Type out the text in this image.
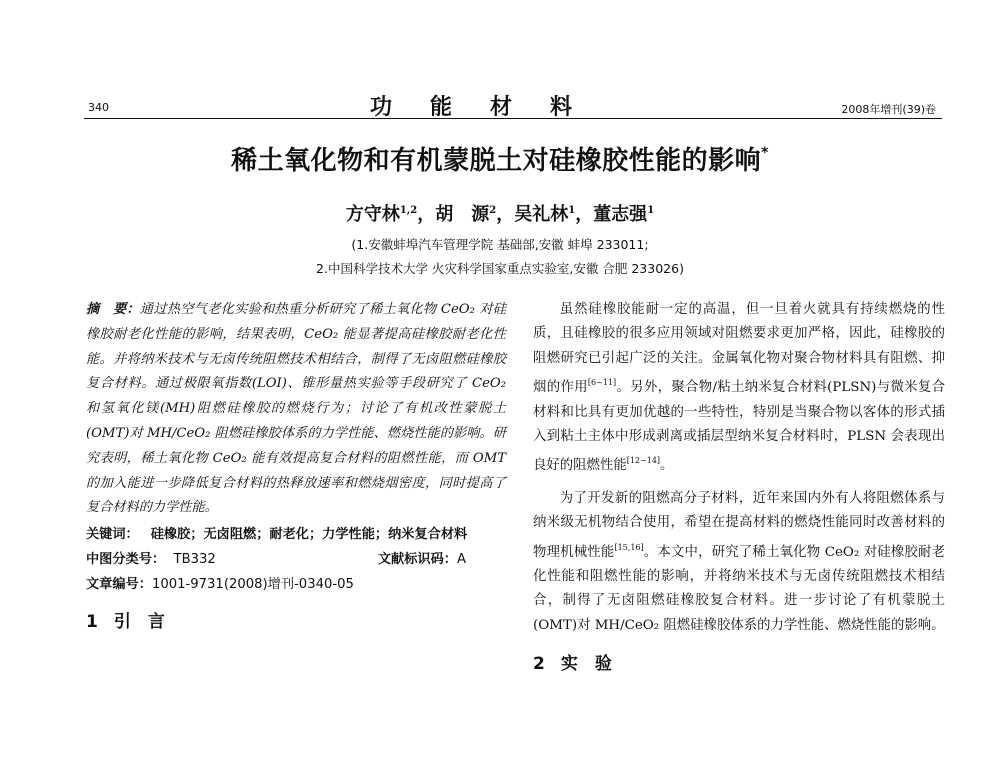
340	功能材料	2008年增刊(39)卷
稀土氧化物和有机蒙脱土对硅橡胶性能的影响*
方守林$^{1,2}$，胡　源$^2$，吴礼林$^1$，董志强$^1$
(1.安徽蚌埠汽车管理学院 基础部,安徽 蚌埠 233011;
2.中国科学技术大学 火灾科学国家重点实验室,安徽 合肥 233026)
摘　要：通过热空气老化实验和热重分析研究了稀土氧化物 CeO₂ 对硅橡胶耐老化性能的影响，结果表明，CeO₂ 能显著提高硅橡胶耐老化性能。并将纳米技术与无卤传统阻燃技术相结合，制得了无卤阻燃硅橡胶复合材料。通过极限氧指数(LOI)、锥形量热实验等手段研究了 CeO₂ 和氢氧化镁(MH)阻燃硅橡胶的燃烧行为；讨论了有机改性蒙脱土(OMT)对 MH/CeO₂ 阻燃硅橡胶体系的力学性能、燃烧性能的影响。研究表明，稀土氧化物 CeO₂ 能有效提高复合材料的阻燃性能，而 OMT 的加入能进一步降低复合材料的热释放速率和燃烧烟密度，同时提高了复合材料的力学性能。
关键词： 硅橡胶；无卤阻燃；耐老化；力学性能；纳米复合材料
中图分类号： TB332	文献标识码：A
文章编号：1001-9731(2008)增刊-0340-05
1 引　言

虽然硅橡胶能耐一定的高温，但一旦着火就具有持续燃烧的性质，且硅橡胶的很多应用领域对阻燃要求更加严格，因此，硅橡胶的阻燃研究已引起广泛的关注。金属氧化物对聚合物材料具有阻燃、抑烟的作用[6~11]。另外，聚合物/粘土纳米复合材料(PLSN)与微米复合材料和比具有更加优越的一些特性，特别是当聚合物以客体的形式插入到粘土主体中形成剥离或插层型纳米复合材料时，PLSN 会表现出良好的阻燃性能[12~14]。

为了开发新的阻燃高分子材料，近年来国内外有人将阻燃体系与纳米级无机物结合使用，希望在提高材料的燃烧性能同时改善材料的物理机械性能[15,16]。本文中，研究了稀土氧化物 CeO₂ 对硅橡胶耐老化性能和阻燃性能的影响，并将纳米技术与无卤传统阻燃技术相结合，制得了无卤阻燃硅橡胶复合材料。进一步讨论了有机蒙脱土(OMT)对 MH/CeO₂ 阻燃硅橡胶体系的力学性能、燃烧性能的影响。

2 实　验
